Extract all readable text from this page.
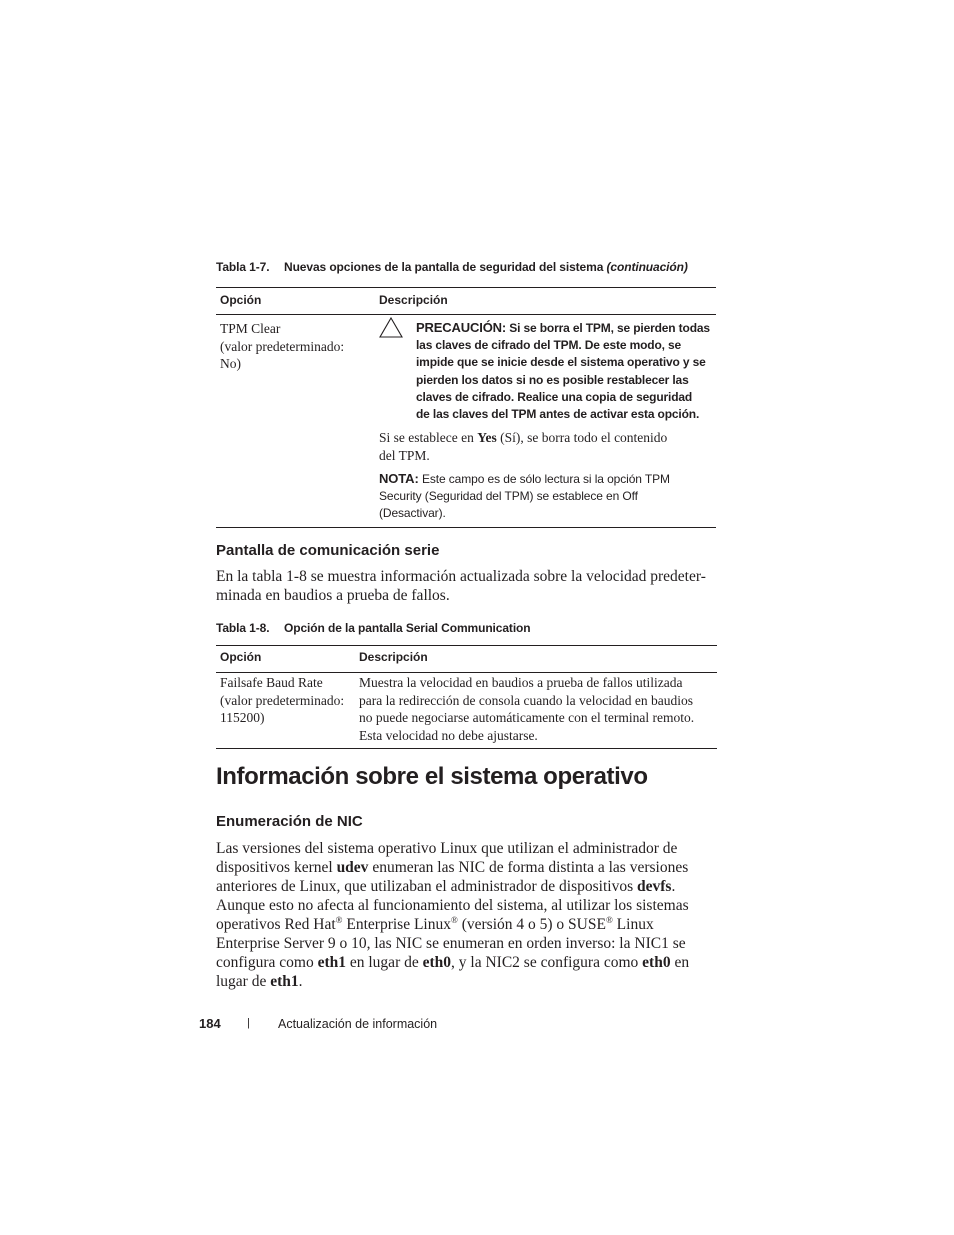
Tabla 1-7. Nuevas opciones de la pantalla de seguridad del sistema (continuación)
Opción	Descripción
TPM Clear
(valor predeterminado:
No)
PRECAUCIÓN: Si se borra el TPM, se pierden todas
las claves de cifrado del TPM. De este modo, se
impide que se inicie desde el sistema operativo y se
pierden los datos si no es posible restablecer las
claves de cifrado. Realice una copia de seguridad
de las claves del TPM antes de activar esta opción.
Si se establece en Yes (Sí), se borra todo el contenido
del TPM.
NOTA: Este campo es de sólo lectura si la opción TPM
Security (Seguridad del TPM) se establece en Off
(Desactivar).
Pantalla de comunicación serie
En la tabla 1-8 se muestra información actualizada sobre la velocidad predeter-
minada en baudios a prueba de fallos.
Tabla 1-8. Opción de la pantalla Serial Communication
Opción	Descripción
Failsafe Baud Rate
(valor predeterminado:
115200)
Muestra la velocidad en baudios a prueba de fallos utilizada
para la redirección de consola cuando la velocidad en baudios
no puede negociarse automáticamente con el terminal remoto.
Esta velocidad no debe ajustarse.
Información sobre el sistema operativo
Enumeración de NIC
Las versiones del sistema operativo Linux que utilizan el administrador de
dispositivos kernel udev enumeran las NIC de forma distinta a las versiones
anteriores de Linux, que utilizaban el administrador de dispositivos devfs.
Aunque esto no afecta al funcionamiento del sistema, al utilizar los sistemas
operativos Red Hat® Enterprise Linux® (versión 4 o 5) o SUSE® Linux
Enterprise Server 9 o 10, las NIC se enumeran en orden inverso: la NIC1 se
configura como eth1 en lugar de eth0, y la NIC2 se configura como eth0 en
lugar de eth1.
184 | Actualización de información
